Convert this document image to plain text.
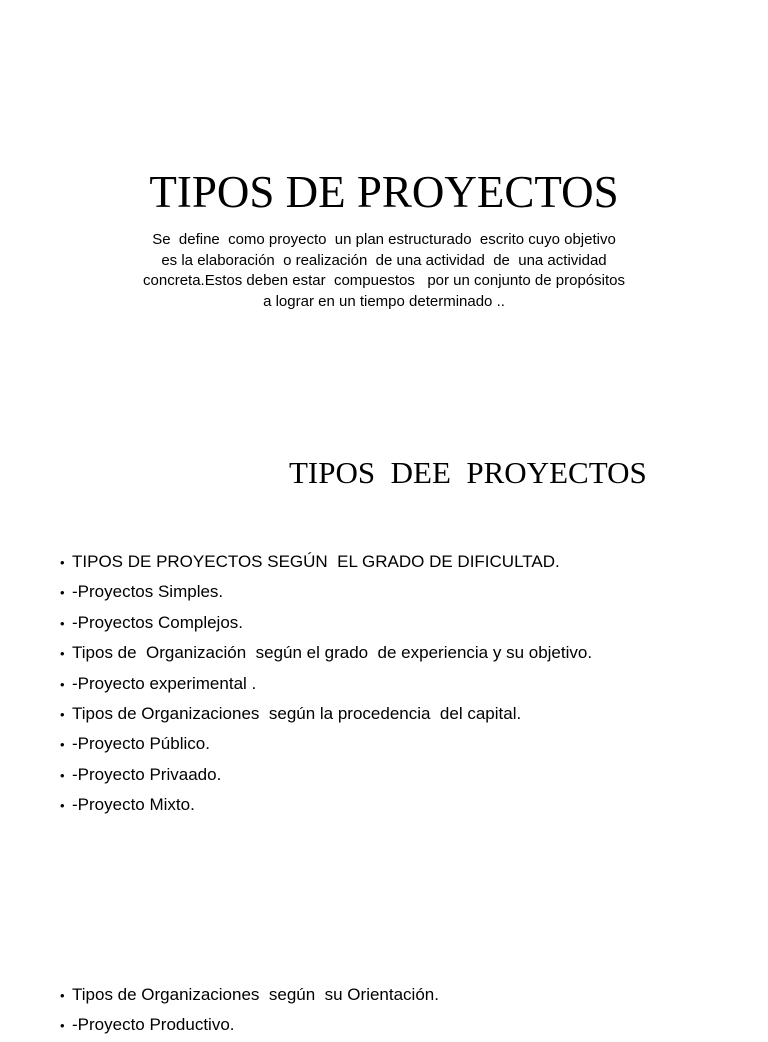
TIPOS DE PROYECTOS

Se  define  como proyecto  un plan estructurado  escrito cuyo objetivo
es la elaboración  o realización  de una actividad  de  una actividad
concreta.Estos deben estar  compuestos   por un conjunto de propósitos
a lograr en un tiempo determinado ..

TIPOS  DEE  PROYECTOS
• TIPOS DE PROYECTOS SEGÚN  EL GRADO DE DIFICULTAD.
• -Proyectos Simples.
• -Proyectos Complejos.
• Tipos de  Organización  según el grado  de experiencia y su objetivo.
• -Proyecto experimental .
• Tipos de Organizaciones  según la procedencia  del capital.
• -Proyecto Público.
• -Proyecto Privaado.
• -Proyecto Mixto.
• Tipos de Organizaciones  según  su Orientación.
• -Proyecto Productivo.
